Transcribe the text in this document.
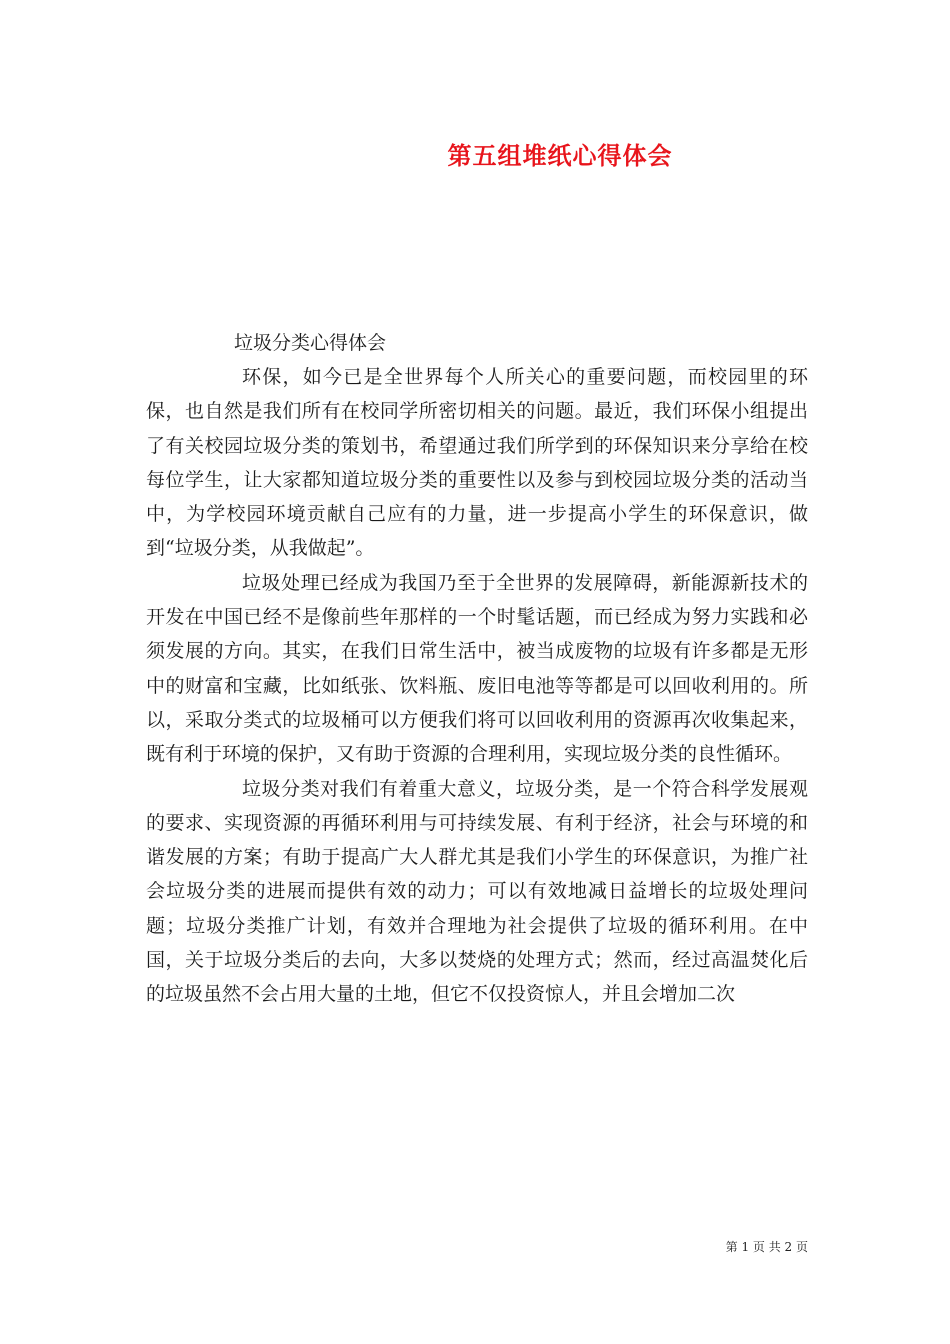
第五组堆纸心得体会
垃圾分类心得体会

环保，如今已是全世界每个人所关心的重要问题，而校园里的环保，也自然是我们所有在校同学所密切相关的问题。最近，我们环保小组提出了有关校园垃圾分类的策划书，希望通过我们所学到的环保知识来分享给在校每位学生，让大家都知道垃圾分类的重要性以及参与到校园垃圾分类的活动当中，为学校园环境贡献自己应有的力量，进一步提高小学生的环保意识，做到“垃圾分类，从我做起”。

垃圾处理已经成为我国乃至于全世界的发展障碍，新能源新技术的开发在中国已经不是像前些年那样的一个时髦话题，而已经成为努力实践和必须发展的方向。其实，在我们日常生活中，被当成废物的垃圾有许多都是无形中的财富和宝藏，比如纸张、饮料瓶、废旧电池等等都是可以回收利用的。所以，采取分类式的垃圾桶可以方便我们将可以回收利用的资源再次收集起来，既有利于环境的保护，又有助于资源的合理利用，实现垃圾分类的良性循环。

垃圾分类对我们有着重大意义，垃圾分类，是一个符合科学发展观的要求、实现资源的再循环利用与可持续发展、有利于经济，社会与环境的和谐发展的方案；有助于提高广大人群尤其是我们小学生的环保意识，为推广社会垃圾分类的进展而提供有效的动力；可以有效地减日益增长的垃圾处理问题；垃圾分类推广计划，有效并合理地为社会提供了垃圾的循环利用。在中国，关于垃圾分类后的去向，大多以焚烧的处理方式；然而，经过高温焚化后的垃圾虽然不会占用大量的土地，但它不仅投资惊人，并且会增加二次

第 1 页 共 2 页
